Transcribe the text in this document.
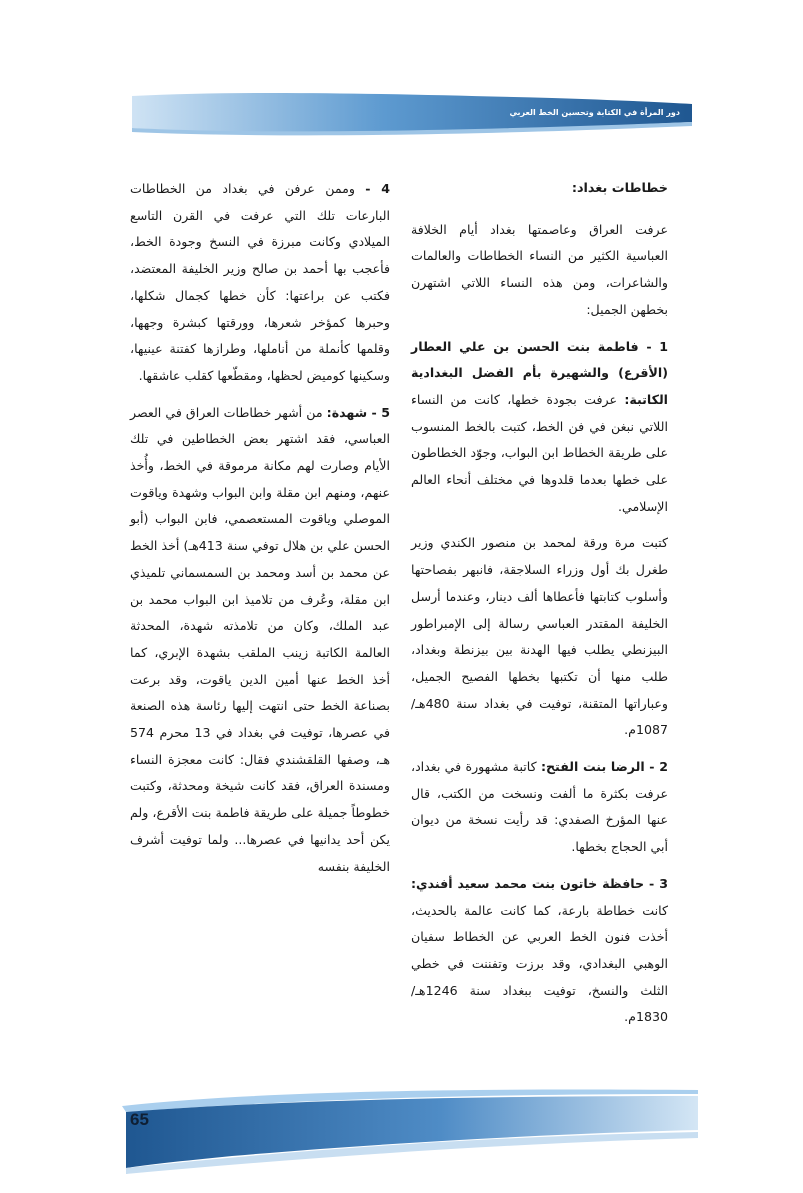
دور المرأة في الكتابة وتحسين الخط العربي
خطاطات بغداد:

عرفت العراق وعاصمتها بغداد أيام الخلافة العباسية الكثير من النساء الخطاطات والعالمات والشاعرات، ومن هذه النساء اللاتي اشتهرن بخطهن الجميل:

1 - فاطمة بنت الحسن بن علي العطار (الأقرع) والشهيرة بأم الفضل البغدادية الكاتبة: عرفت بجودة خطها، كانت من النساء اللاتي نبغن في فن الخط، كتبت بالخط المنسوب على طريقة الخطاط ابن البواب، وجوّد الخطاطون على خطها بعدما قلدوها في مختلف أنحاء العالم الإسلامي.

كتبت مرة ورقة لمحمد بن منصور الكندي وزير طغرل بك أول وزراء السلاجقة، فانبهر بفصاحتها وأسلوب كتابتها فأعطاها ألف دينار، وعندما أرسل الخليفة المقتدر العباسي رسالة إلى الإمبراطور البيزنطي يطلب فيها الهدنة بين بيزنطة وبغداد، طلب منها أن تكتبها بخطها الفصيح الجميل، وعباراتها المتقنة، توفيت في بغداد سنة 480هـ/ 1087م.

2 - الرضا بنت الفتح: كاتبة مشهورة في بغداد، عرفت بكثرة ما ألفت ونسخت من الكتب، قال عنها المؤرخ الصفدي: قد رأيت نسخة من ديوان أبي الحجاج بخطها.

3 - حافظة خاتون بنت محمد سعيد أفندي: كانت خطاطة بارعة، كما كانت عالمة بالحديث، أخذت فنون الخط العربي عن الخطاط سفيان الوهبي البغدادي، وقد برزت وتفننت في خطي الثلث والنسخ، توفيت ببغداد سنة 1246هـ/ 1830م.

4 - وممن عرفن في بغداد من الخطاطات البارعات تلك التي عرفت في القرن التاسع الميلادي وكانت مبرزة في النسخ وجودة الخط، فأعجب بها أحمد بن صالح وزير الخليفة المعتضد، فكتب عن براعتها: كأن خطها كجمال شكلها، وحبرها كمؤخر شعرها، وورقتها كبشرة وجهها، وقلمها كأنملة من أناملها، وطرازها كفتنة عينيها، وسكينها كوميض لحظها، ومقطّعها كقلب عاشقها.

5 - شهدة: من أشهر خطاطات العراق في العصر العباسي، فقد اشتهر بعض الخطاطين في تلك الأيام وصارت لهم مكانة مرموقة في الخط، وأُخذ عنهم، ومنهم ابن مقلة وابن البواب وشهدة وياقوت الموصلي وياقوت المستعصمي، فابن البواب (أبو الحسن علي بن هلال توفي سنة 413هـ) أخذ الخط عن محمد بن أسد ومحمد بن السمسماني تلميذي ابن مقلة، وعُرف من تلاميذ ابن البواب محمد بن عبد الملك، وكان من تلامذته شهدة، المحدثة العالمة الكاتبة زينب الملقب بشهدة الإبري، كما أخذ الخط عنها أمين الدين ياقوت، وقد برعت بصناعة الخط حتى انتهت إليها رئاسة هذه الصنعة في عصرها، توفيت في بغداد في 13 محرم 574 هـ، وصفها القلقشندي فقال: كانت معجزة النساء ومسندة العراق، فقد كانت شيخة ومحدثة، وكتبت خطوطاً جميلة على طريقة فاطمة بنت الأقرع، ولم يكن أحد يدانيها في عصرها... ولما توفيت أشرف الخليفة بنفسه

65
